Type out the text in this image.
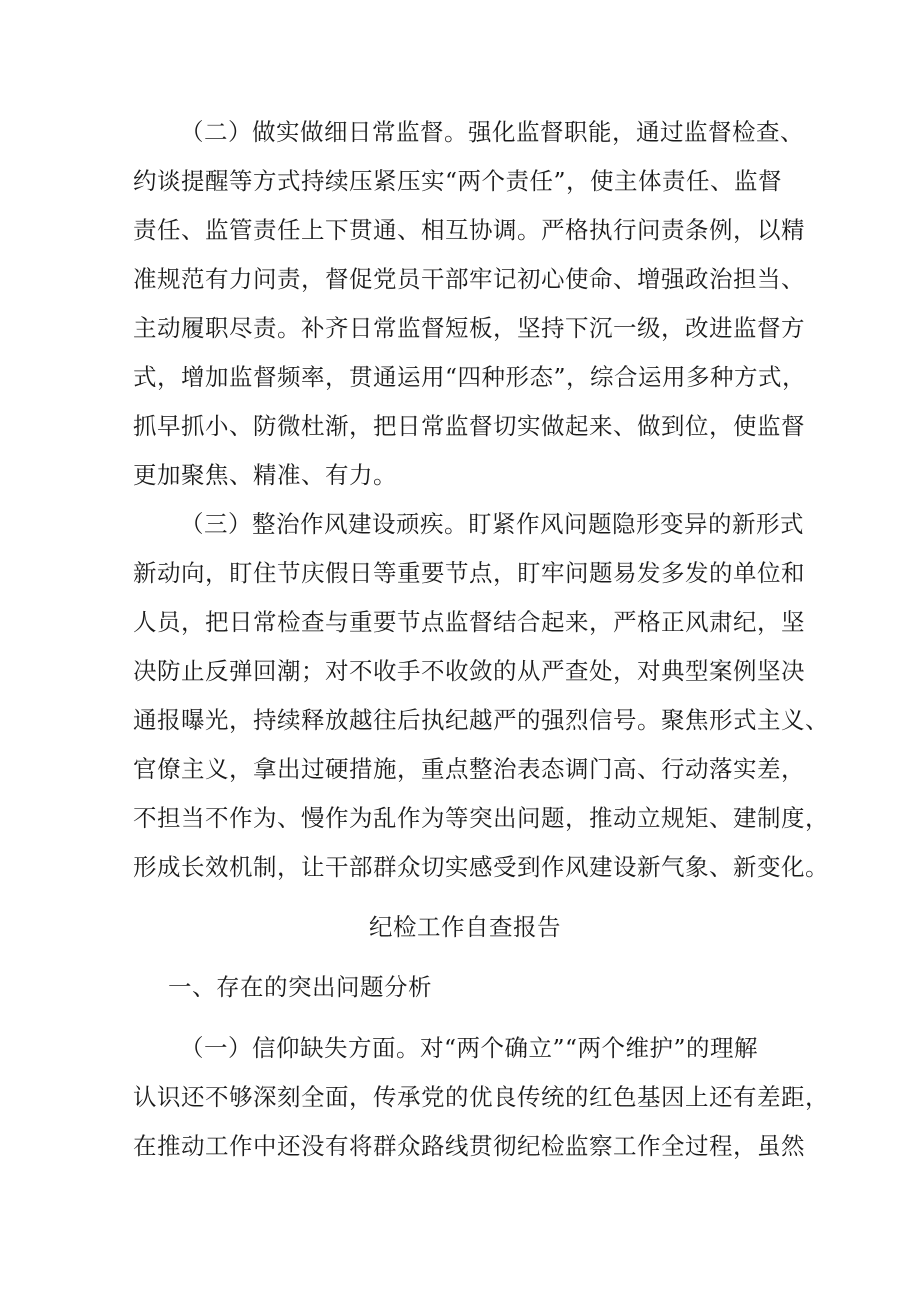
（二）做实做细日常监督。强化监督职能，通过监督检查、
约谈提醒等方式持续压紧压实“两个责任”，使主体责任、监督
责任、监管责任上下贯通、相互协调。严格执行问责条例，以精
准规范有力问责，督促党员干部牢记初心使命、增强政治担当、
主动履职尽责。补齐日常监督短板，坚持下沉一级，改进监督方
式，增加监督频率，贯通运用“四种形态”，综合运用多种方式，
抓早抓小、防微杜渐，把日常监督切实做起来、做到位，使监督
更加聚焦、精准、有力。
（三）整治作风建设顽疾。盯紧作风问题隐形变异的新形式
新动向，盯住节庆假日等重要节点，盯牢问题易发多发的单位和
人员，把日常检查与重要节点监督结合起来，严格正风肃纪，坚
决防止反弹回潮；对不收手不收敛的从严查处，对典型案例坚决
通报曝光，持续释放越往后执纪越严的强烈信号。聚焦形式主义、
官僚主义，拿出过硬措施，重点整治表态调门高、行动落实差，
不担当不作为、慢作为乱作为等突出问题，推动立规矩、建制度，
形成长效机制，让干部群众切实感受到作风建设新气象、新变化。
纪检工作自查报告
一、存在的突出问题分析
（一）信仰缺失方面。对“两个确立”“两个维护”的理解
认识还不够深刻全面，传承党的优良传统的红色基因上还有差距，
在推动工作中还没有将群众路线贯彻纪检监察工作全过程，虽然
